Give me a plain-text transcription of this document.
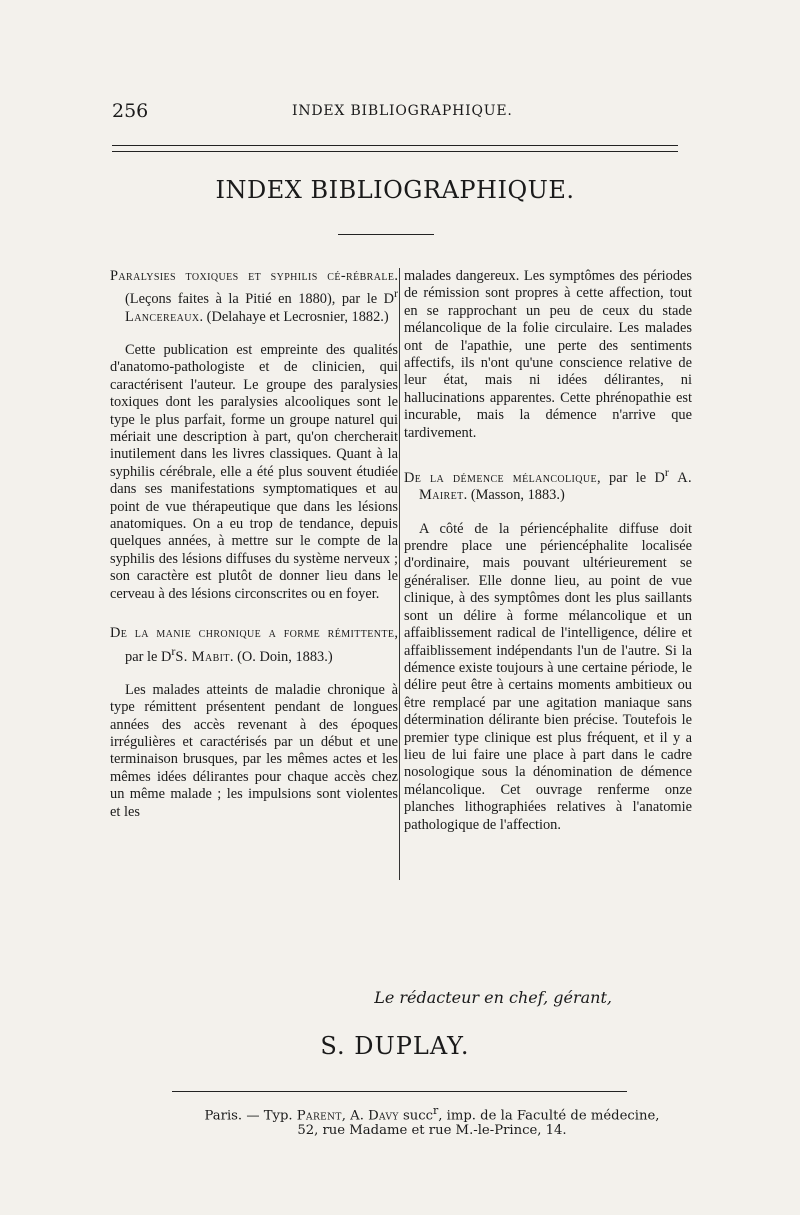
256	INDEX BIBLIOGRAPHIQUE.
INDEX BIBLIOGRAPHIQUE.

Paralysies toxiques et syphilis cé-rébrale. (Leçons faites à la Pitié en 1880), par le $D^r$ Lancereaux. (Delahaye et Lecrosnier, 1882.)

Cette publication est empreinte des qualités d'anatomo-pathologiste et de clinicien, qui caractérisent l'auteur. Le groupe des paralysies toxiques dont les paralysies alcooliques sont le type le plus parfait, forme un groupe naturel qui mériait une description à part, qu'on chercherait inutilement dans les livres classiques. Quant à la syphilis cérébrale, elle a été plus souvent étudiée dans ses manifestations symptomatiques et au point de vue thérapeutique que dans les lésions anatomiques. On a eu trop de tendance, depuis quelques années, à mettre sur le compte de la syphilis des lésions diffuses du système nerveux ; son caractère est plutôt de donner lieu dans le cerveau à des lésions circonscrites ou en foyer.

De la manie chronique a forme rémittente, par le $D^rS$. Mabit. (O. Doin, 1883.)

Les malades atteints de maladie chronique à type rémittent présentent pendant de longues années des accès revenant à des époques irrégulières et caractérisés par un début et une terminaison brusques, par les mêmes actes et les mêmes idées délirantes pour chaque accès chez un même malade ; les impulsions sont violentes et les

malades dangereux. Les symptômes des périodes de rémission sont propres à cette affection, tout en se rapprochant un peu de ceux du stade mélancolique de la folie circulaire. Les malades ont de l'apathie, une perte des sentiments affectifs, ils n'ont qu'une conscience relative de leur état, mais ni idées délirantes, ni hallucinations apparentes. Cette phrénopathie est incurable, mais la démence n'arrive que tardivement.

De la démence mélancolique, par le $D^r$ A. Mairet. (Masson, 1883.)

A côté de la périencéphalite diffuse doit prendre place une périencéphalite localisée d'ordinaire, mais pouvant ultérieurement se généraliser. Elle donne lieu, au point de vue clinique, à des symptômes dont les plus saillants sont un délire à forme mélancolique et un affaiblissement radical de l'intelligence, délire et affaiblissement indépendants l'un de l'autre. Si la démence existe toujours à une certaine période, le délire peut être à certains moments ambitieux ou être remplacé par une agitation maniaque sans détermination délirante bien précise. Toutefois le premier type clinique est plus fréquent, et il y a lieu de lui faire une place à part dans le cadre nosologique sous la dénomination de démence mélancolique. Cet ouvrage renferme onze planches lithographiées relatives à l'anatomie pathologique de l'affection.

Le rédacteur en chef, gérant,
S. DUPLAY.
Paris. — Typ. Parent, A. Davy succ$^r$, imp. de la Faculté de médecine,
52, rue Madame et rue M.-le-Prince, 14.
